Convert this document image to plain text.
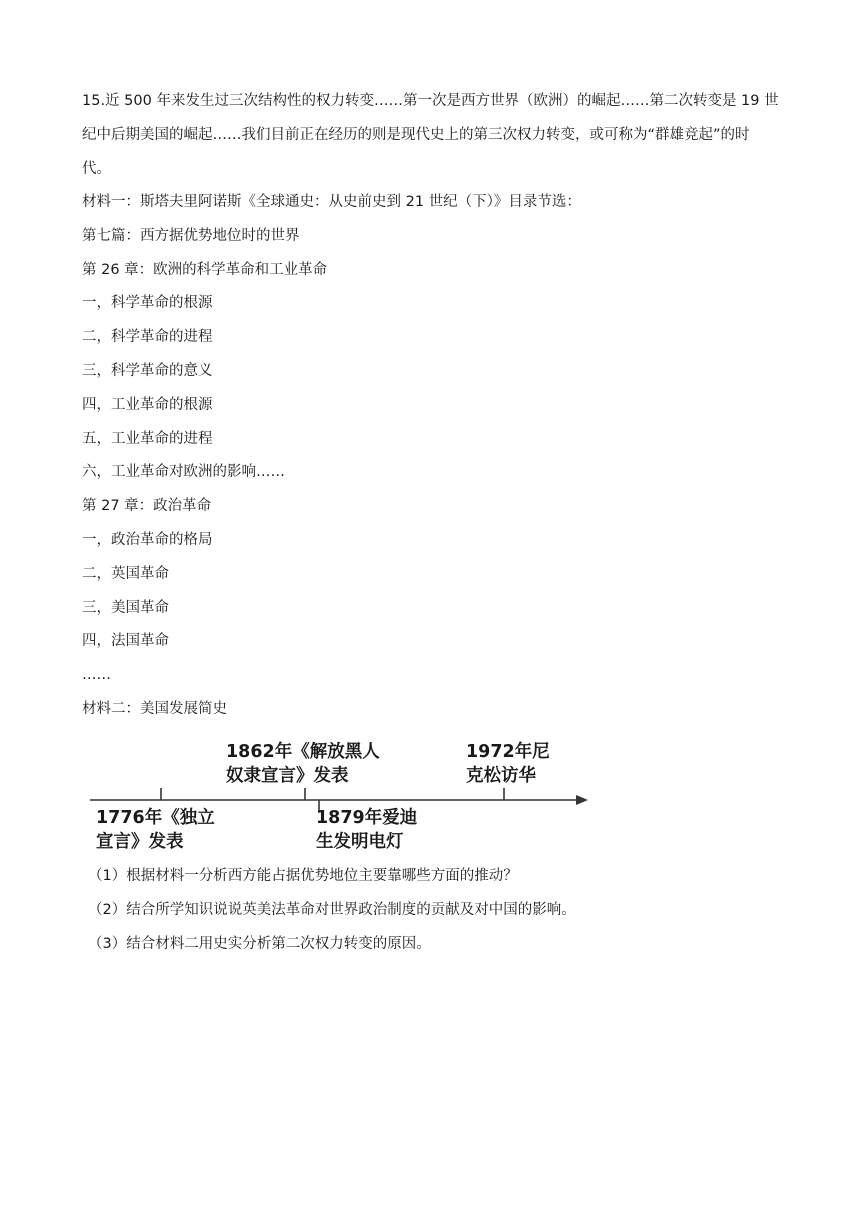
15.近 500 年来发生过三次结构性的权力转变……第一次是西方世界（欧洲）的崛起……第二次转变是 19 世
纪中后期美国的崛起……我们目前正在经历的则是现代史上的第三次权力转变，或可称为“群雄竞起”的时
代。
材料一：斯塔夫里阿诺斯《全球通史：从史前史到 21 世纪（下）》目录节选：
第七篇：西方据优势地位时的世界
第 26 章：欧洲的科学革命和工业革命
一，科学革命的根源
二，科学革命的进程
三，科学革命的意义
四，工业革命的根源
五，工业革命的进程
六，工业革命对欧洲的影响……
第 27 章：政治革命
一，政治革命的格局
二，英国革命
三，美国革命
四，法国革命
……
材料二：美国发展简史
1776年《独立
宣言》发表
1862年《解放黑人
奴隶宣言》发表
1879年爱迪
生发明电灯
1972年尼
克松访华
（1）根据材料一分析西方能占据优势地位主要靠哪些方面的推动？
（2）结合所学知识说说英美法革命对世界政治制度的贡献及对中国的影响。
（3）结合材料二用史实分析第二次权力转变的原因。
